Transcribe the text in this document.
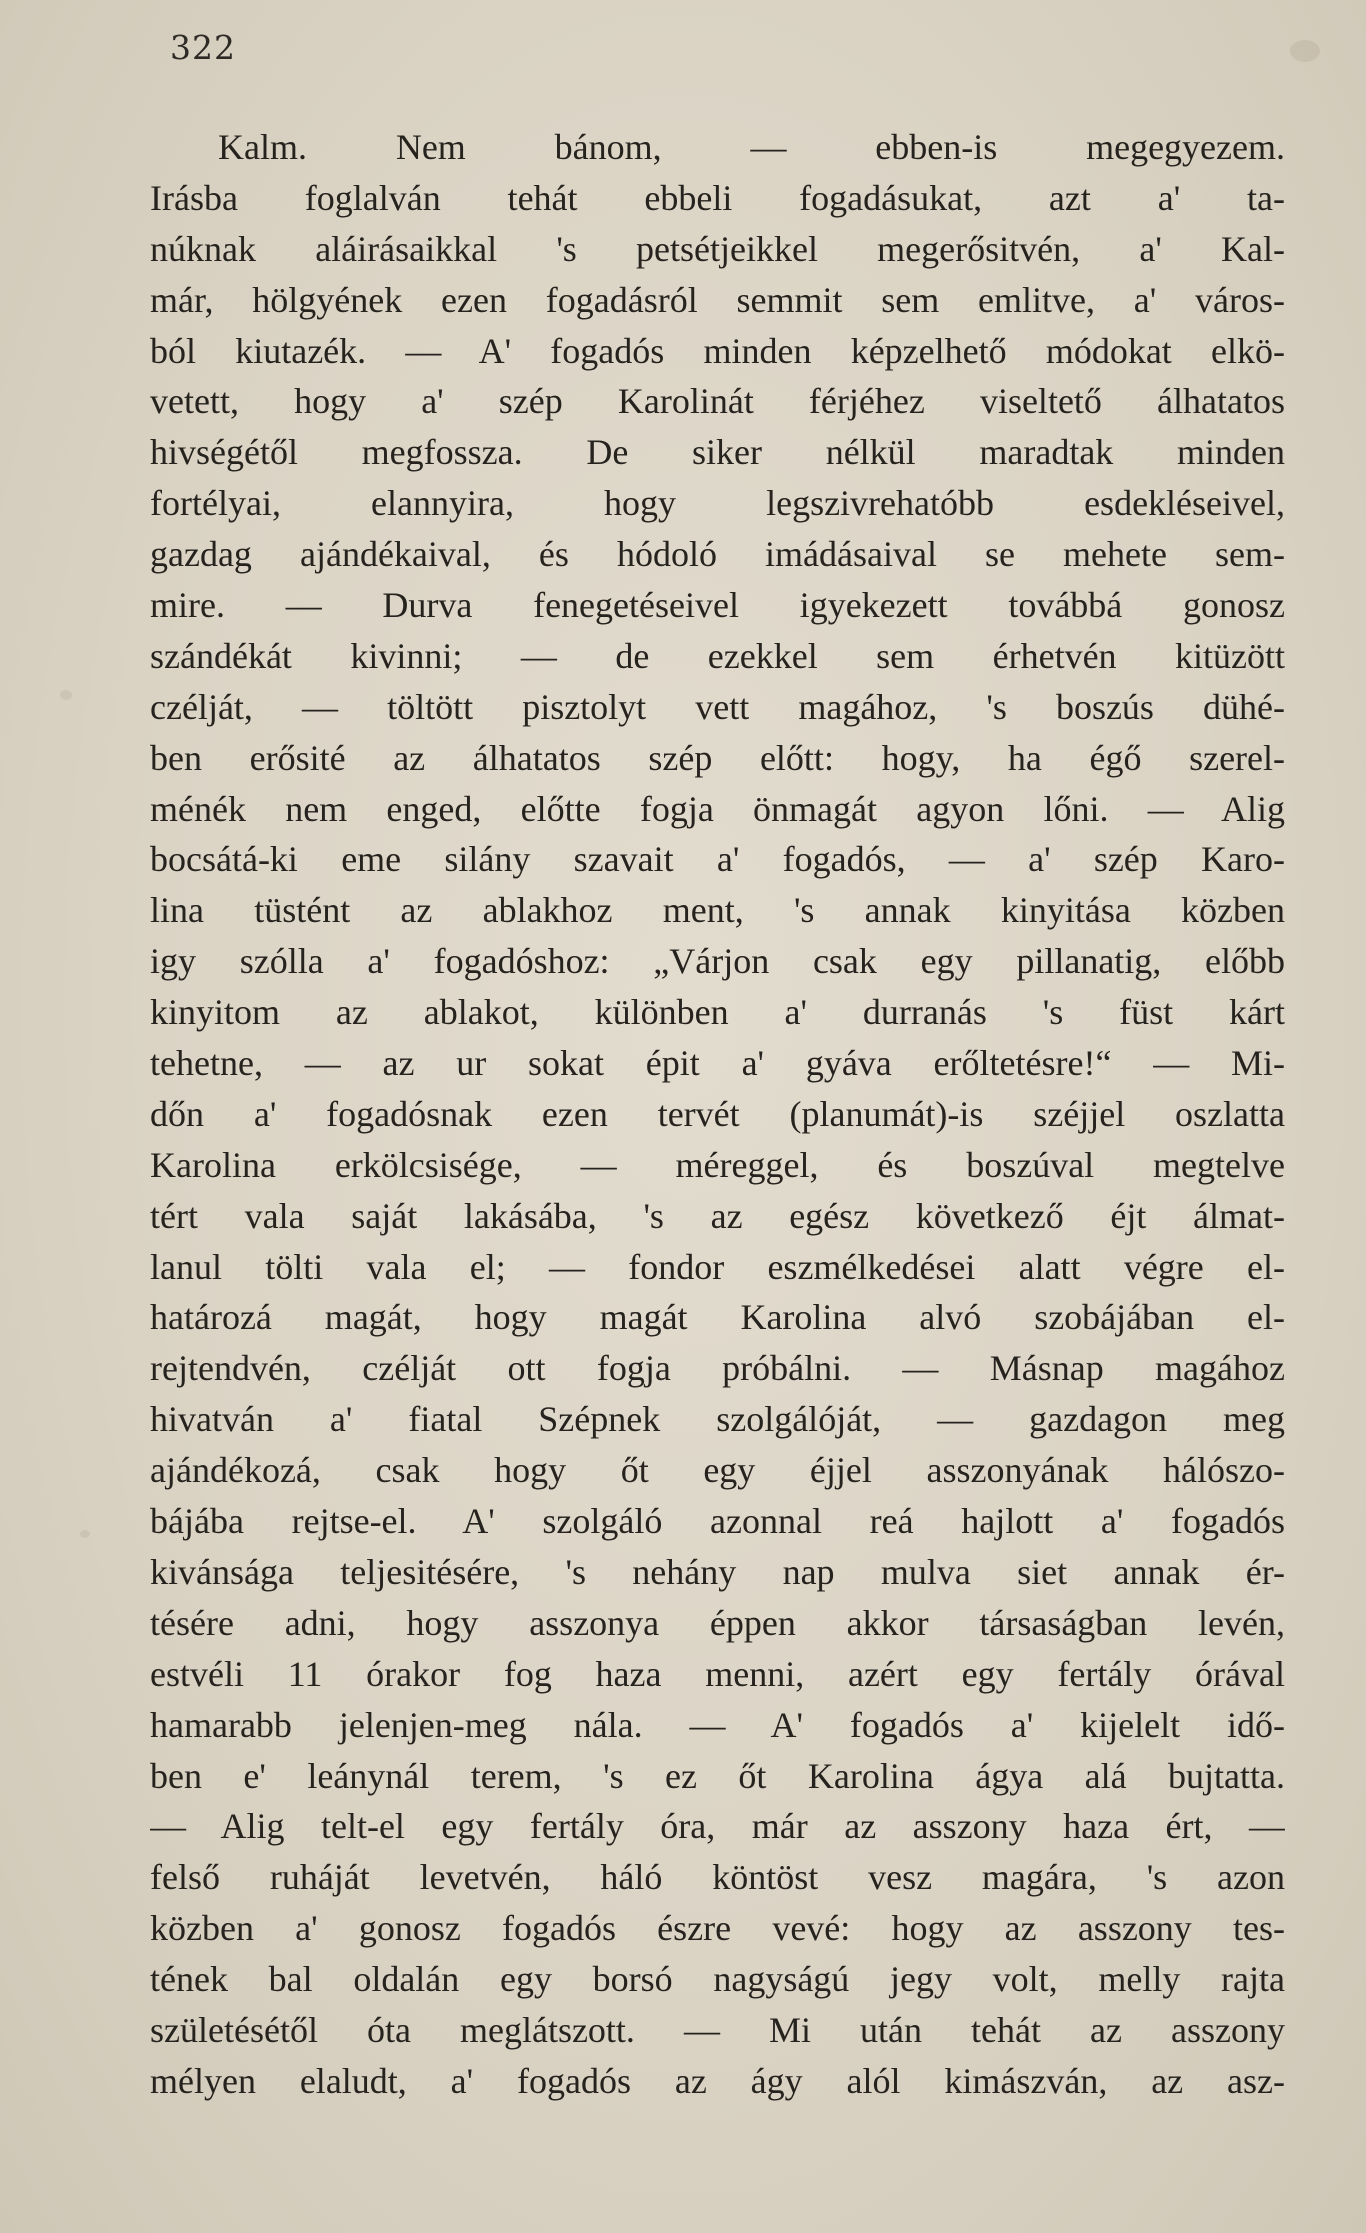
322
Kalm. Nem bánom, — ebben-is megegyezem.
Irásba foglalván tehát ebbeli fogadásukat, azt a' ta-
núknak aláirásaikkal 's petsétjeikkel megerősitvén, a' Kal-
már, hölgyének ezen fogadásról semmit sem emlitve, a' város-
ból kiutazék. — A' fogadós minden képzelhető módokat elkö-
vetett, hogy a' szép Karolinát férjéhez viseltető álhatatos
hivségétől megfossza. De siker nélkül maradtak minden
fortélyai, elannyira, hogy legszivrehatóbb esdekléseivel,
gazdag ajándékaival, és hódoló imádásaival se mehete sem-
mire. — Durva fenegetéseivel igyekezett továbbá gonosz
szándékát kivinni; — de ezekkel sem érhetvén kitüzött
czélját, — töltött pisztolyt vett magához, 's boszús dühé-
ben erősité az álhatatos szép előtt: hogy, ha égő szerel-
ménék nem enged, előtte fogja önmagát agyon lőni. — Alig
bocsátá-ki eme silány szavait a' fogadós, — a' szép Karo-
lina tüstént az ablakhoz ment, 's annak kinyitása közben
igy szólla a' fogadóshoz: „Várjon csak egy pillanatig, előbb
kinyitom az ablakot, különben a' durranás 's füst kárt
tehetne, — az ur sokat épit a' gyáva erőltetésre!“ — Mi-
dőn a' fogadósnak ezen tervét (planumát)-is széjjel oszlatta
Karolina erkölcsisége, — méreggel, és boszúval megtelve
tért vala saját lakásába, 's az egész következő éjt álmat-
lanul tölti vala el; — fondor eszmélkedései alatt végre el-
határozá magát, hogy magát Karolina alvó szobájában el-
rejtendvén, czélját ott fogja próbálni. — Másnap magához
hivatván a' fiatal Szépnek szolgálóját, — gazdagon meg
ajándékozá, csak hogy őt egy éjjel asszonyának hálószo-
bájába rejtse-el. A' szolgáló azonnal reá hajlott a' fogadós
kivánsága teljesitésére, 's nehány nap mulva siet annak ér-
tésére adni, hogy asszonya éppen akkor társaságban levén,
estvéli 11 órakor fog haza menni, azért egy fertály órával
hamarabb jelenjen-meg nála. — A' fogadós a' kijelelt idő-
ben e' leánynál terem, 's ez őt Karolina ágya alá bujtatta.
— Alig telt-el egy fertály óra, már az asszony haza ért, —
felső ruháját levetvén, háló köntöst vesz magára, 's azon
közben a' gonosz fogadós észre vevé: hogy az asszony tes-
tének bal oldalán egy borsó nagyságú jegy volt, melly rajta
születésétől óta meglátszott. — Mi után tehát az asszony
mélyen elaludt, a' fogadós az ágy alól kimászván, az asz-
